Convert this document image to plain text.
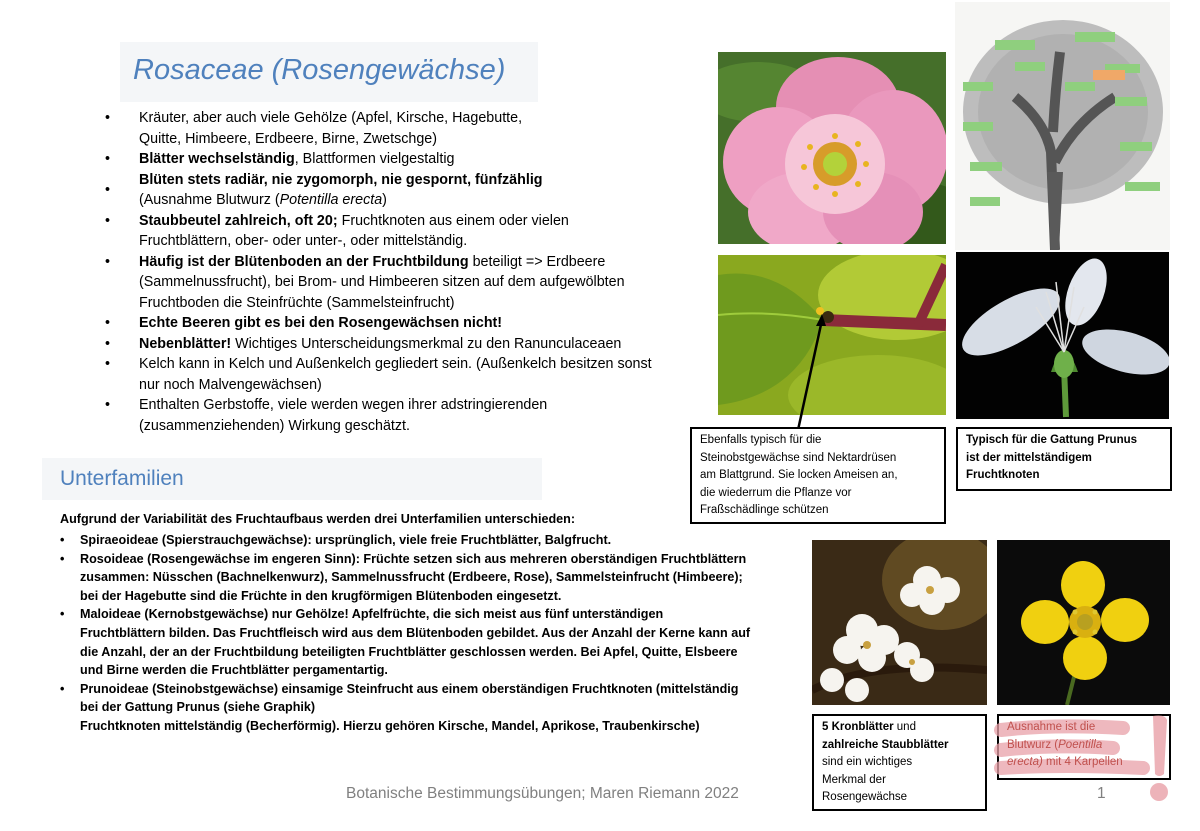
Rosaceae (Rosengewächse)
• Kräuter, aber auch viele Gehölze (Apfel, Kirsche, Hagebutte,
Quitte, Himbeere, Erdbeere, Birne, Zwetschge)
• Blätter wechselständig, Blattformen vielgestaltig
• Blüten stets radiär, nie zygomorph, nie gespornt, fünfzählig
(Ausnahme Blutwurz (Potentilla erecta)
• Staubbeutel zahlreich, oft 20; Fruchtknoten aus einem oder vielen
Fruchtblättern, ober- oder unter-, oder mittelständig.
• Häufig ist der Blütenboden an der Fruchtbildung beteiligt => Erdbeere
(Sammelnussfrucht), bei Brom- und Himbeeren sitzen auf dem aufgewölbten
Fruchtboden die Steinfrüchte (Sammelsteinfrucht)
• Echte Beeren gibt es bei den Rosengewächsen nicht!
• Nebenblätter! Wichtiges Unterscheidungsmerkmal zu den Ranunculaceaen
• Kelch kann in Kelch und Außenkelch gegliedert sein. (Außenkelch besitzen sonst
nur noch Malvengewächsen)
• Enthalten Gerbstoffe, viele werden wegen ihrer adstringierenden
(zusammenziehenden) Wirkung geschätzt.
Unterfamilien
Aufgrund der Variabilität des Fruchtaufbaus werden drei Unterfamilien unterschieden:
• Spiraeoideae (Spierstrauchgewächse): ursprünglich, viele freie Fruchtblätter, Balgfrucht.
• Rosoideae (Rosengewächse im engeren Sinn): Früchte setzen sich aus mehreren oberständigen Fruchtblättern
zusammen: Nüsschen (Bachnelkenwurz), Sammelnussfrucht (Erdbeere, Rose), Sammelsteinfrucht (Himbeere);
bei der Hagebutte sind die Früchte in den krugförmigen Blütenboden eingesetzt.
• Maloideae (Kernobstgewächse) nur Gehölze! Apfelfrüchte, die sich meist aus fünf unterständigen
Fruchtblättern bilden. Das Fruchtfleisch wird aus dem Blütenboden gebildet. Aus der Anzahl der Kerne kann auf
die Anzahl, der an der Fruchtbildung beteiligten Fruchtblätter geschlossen werden. Bei Apfel, Quitte, Elsbeere
und Birne werden die Fruchtblätter pergamentartig.
• Prunoideae (Steinobstgewächse) einsamige Steinfrucht aus einem oberständigen Fruchtknoten (mittelständig
bei der Gattung Prunus (siehe Graphik)
Fruchtknoten mittelständig (Becherförmig). Hierzu gehören Kirsche, Mandel, Aprikose, Traubenkirsche)
Ebenfalls typisch für die
Steinobstgewächse sind Nektardrüsen
am Blattgrund. Sie locken Ameisen an,
die wiederrum die Pflanze vor
Fraßschädlinge schützen
Typisch für die Gattung Prunus
ist der mittelständigem
Fruchtknoten
5 Kronblätter und
zahlreiche Staubblätter
sind ein wichtiges
Merkmal der
Rosengewächse
Ausnahme ist die
Blutwurz (Poentilla
erecta) mit 4 Karpellen
Botanische Bestimmungsübungen; Maren Riemann 2022	1
